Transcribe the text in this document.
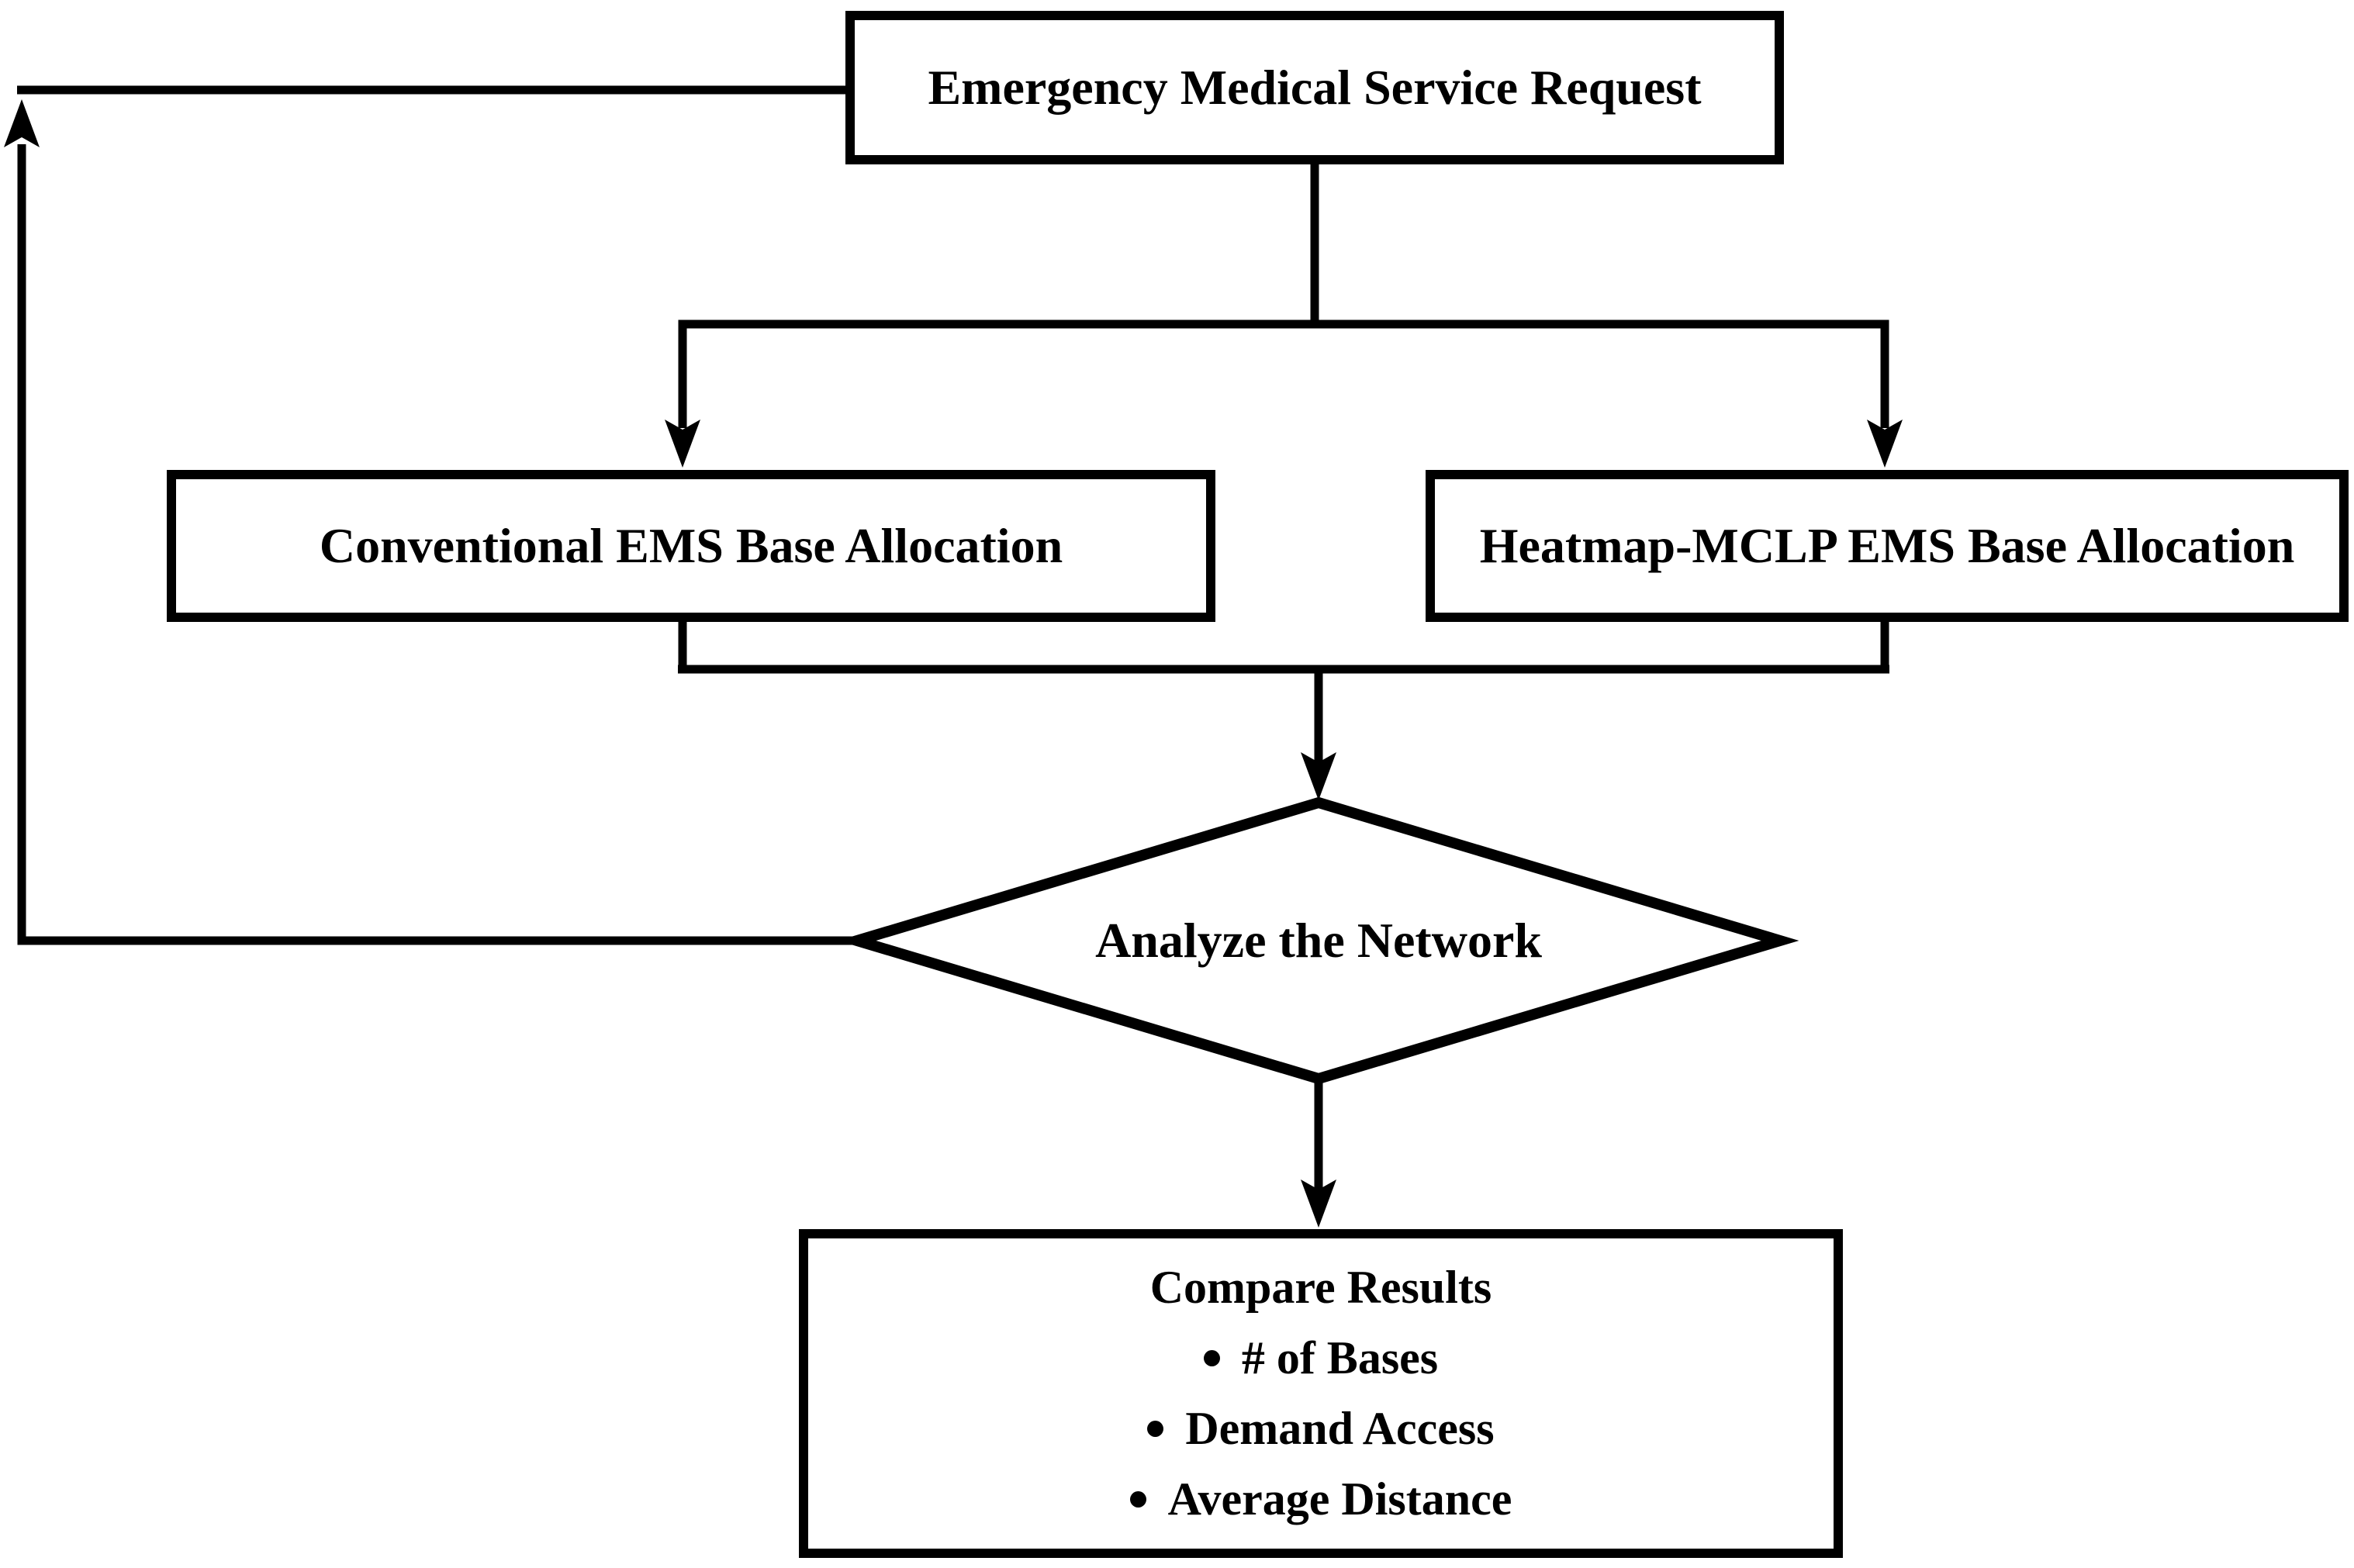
Emergency Medical Service Request
Conventional EMS Base Allocation	Heatmap-MCLP EMS Base Allocation
Analyze the Network
Compare Results
# of Bases
Demand Access
Average Distance
